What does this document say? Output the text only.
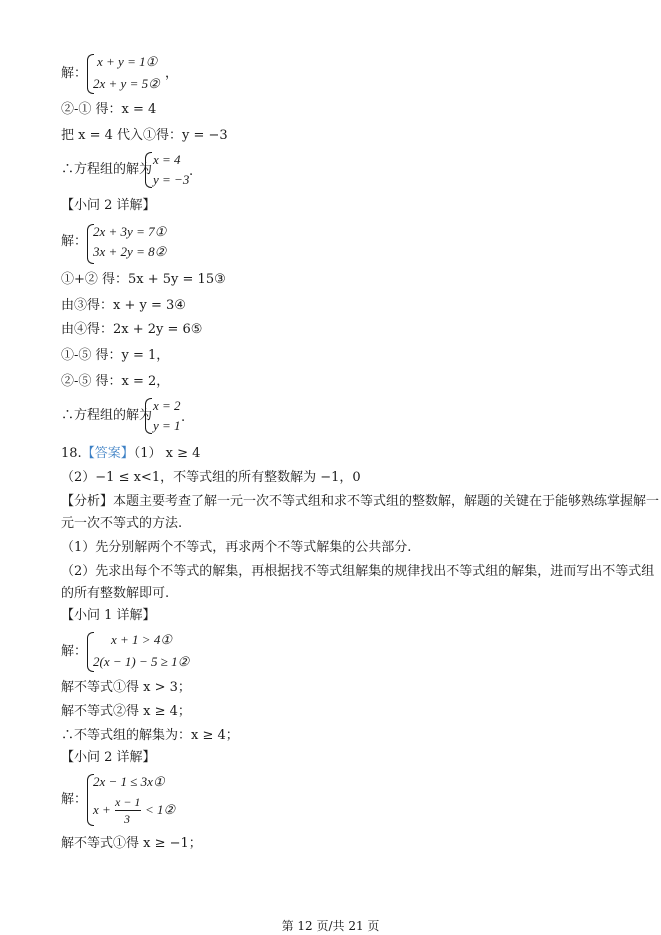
解：
x + y = 1①
2x + y = 5②
，
②-① 得：x = 4
把 x = 4 代入①得：y = −3
∴方程组的解为
x = 4
y = −3
.
【小问 2 详解】
解：
2x + 3y = 7①
3x + 2y = 8②
①+② 得：5x + 5y = 15③
由③得：x + y = 3④
由④得：2x + 2y = 6⑤
①-⑤ 得：y = 1，
②-⑤ 得：x = 2，
∴方程组的解为
x = 2
y = 1
.
18.【答案】（1） x ≥ 4
（2）−1 ≤ x<1，不等式组的所有整数解为 −1，0
【分析】本题主要考查了解一元一次不等式组和求不等式组的整数解，解题的关键在于能够熟练掌握解一
元一次不等式的方法.
（1）先分别解两个不等式，再求两个不等式解集的公共部分.
（2）先求出每个不等式的解集，再根据找不等式组解集的规律找出不等式组的解集，进而写出不等式组
的所有整数解即可.
【小问 1 详解】
解：
x + 1 > 4①
2(x − 1) − 5 ≥ 1②
解不等式①得 x > 3；
解不等式②得 x ≥ 4；
∴不等式组的解集为：x ≥ 4；
【小问 2 详解】
解：
2x − 1 ≤ 3x①
x + x − 1
3
< 1②
解不等式①得 x ≥ −1；
第 12 页/共 21 页
